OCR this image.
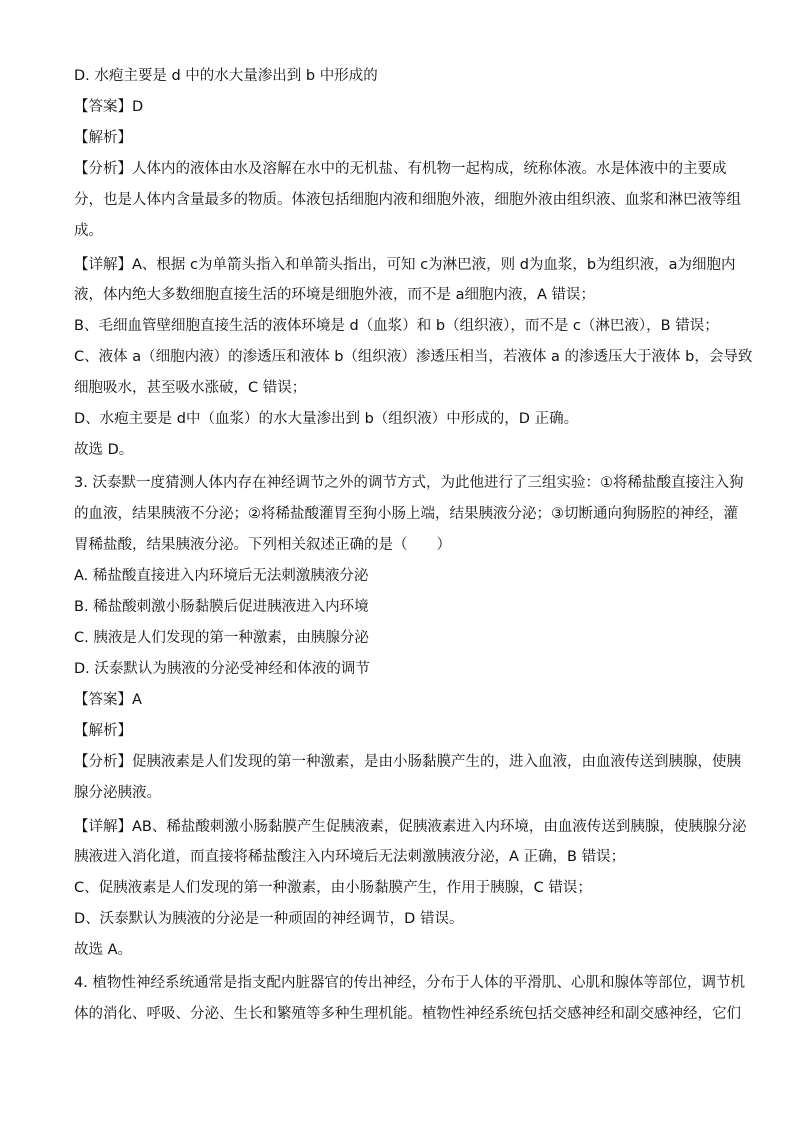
D. 水疱主要是 d 中的水大量渗出到 b 中形成的
【答案】D
【解析】
【分析】人体内的液体由水及溶解在水中的无机盐、有机物一起构成，统称体液。水是体液中的主要成
分，也是人体内含量最多的物质。体液包括细胞内液和细胞外液，细胞外液由组织液、血浆和淋巴液等组
成。
【详解】A、根据 c为单箭头指入和单箭头指出，可知 c为淋巴液，则 d为血浆，b为组织液，a为细胞内
液，体内绝大多数细胞直接生活的环境是细胞外液，而不是 a细胞内液，A 错误；
B、毛细血管壁细胞直接生活的液体环境是 d（血浆）和 b（组织液），而不是 c（淋巴液），B 错误；
C、液体 a（细胞内液）的渗透压和液体 b（组织液）渗透压相当，若液体 a 的渗透压大于液体 b，会导致
细胞吸水，甚至吸水涨破，C 错误；
D、水疱主要是 d中（血浆）的水大量渗出到 b（组织液）中形成的，D 正确。
故选 D。
3. 沃泰默一度猜测人体内存在神经调节之外的调节方式，为此他进行了三组实验：①将稀盐酸直接注入狗
的血液，结果胰液不分泌；②将稀盐酸灌胃至狗小肠上端，结果胰液分泌；③切断通向狗肠腔的神经，灌
胃稀盐酸，结果胰液分泌。下列相关叙述正确的是（　　）
A. 稀盐酸直接进入内环境后无法刺激胰液分泌
B. 稀盐酸刺激小肠黏膜后促进胰液进入内环境
C. 胰液是人们发现的第一种激素，由胰腺分泌
D. 沃泰默认为胰液的分泌受神经和体液的调节
【答案】A
【解析】
【分析】促胰液素是人们发现的第一种激素，是由小肠黏膜产生的，进入血液，由血液传送到胰腺，使胰
腺分泌胰液。
【详解】AB、稀盐酸刺激小肠黏膜产生促胰液素，促胰液素进入内环境，由血液传送到胰腺，使胰腺分泌
胰液进入消化道，而直接将稀盐酸注入内环境后无法刺激胰液分泌，A 正确，B 错误；
C、促胰液素是人们发现的第一种激素，由小肠黏膜产生，作用于胰腺，C 错误；
D、沃泰默认为胰液的分泌是一种顽固的神经调节，D 错误。
故选 A。
4. 植物性神经系统通常是指支配内脏器官的传出神经，分布于人体的平滑肌、心肌和腺体等部位，调节机
体的消化、呼吸、分泌、生长和繁殖等多种生理机能。植物性神经系统包括交感神经和副交感神经，它们
